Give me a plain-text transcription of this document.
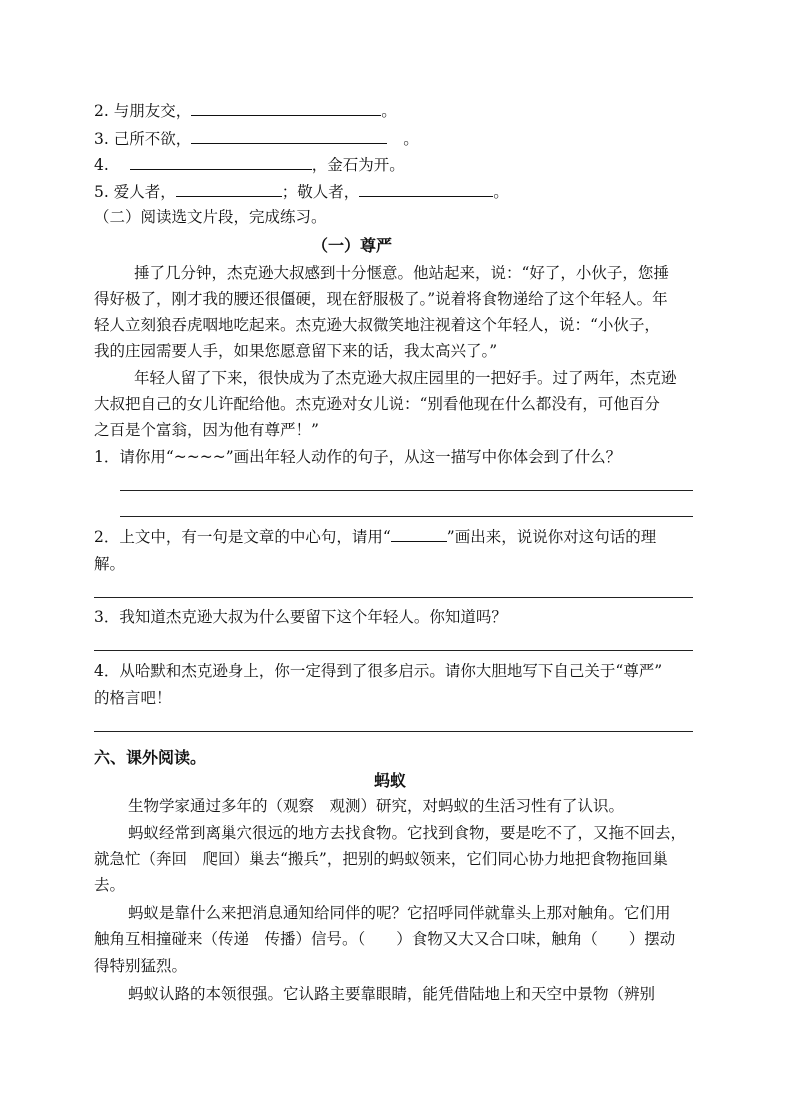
2. 与朋友交，	。
3. 己所不欲，	。
4.	，金石为开。
5. 爱人者，	；敬人者，	。
（二）阅读选文片段，完成练习。
（一）尊严
捶了几分钟，杰克逊大叔感到十分惬意。他站起来，说：“好了，小伙子，您捶
得好极了，刚才我的腰还很僵硬，现在舒服极了。”说着将食物递给了这个年轻人。年
轻人立刻狼吞虎咽地吃起来。杰克逊大叔微笑地注视着这个年轻人，说：“小伙子，
我的庄园需要人手，如果您愿意留下来的话，我太高兴了。”
年轻人留了下来，很快成为了杰克逊大叔庄园里的一把好手。过了两年，杰克逊
大叔把自己的女儿许配给他。杰克逊对女儿说：“别看他现在什么都没有，可他百分
之百是个富翁，因为他有尊严！”
1．请你用“~~~~”画出年轻人动作的句子，从这一描写中你体会到了什么？
2．上文中，有一句是文章的中心句，请用“	”画出来，说说你对这句话的理
解。
3．我知道杰克逊大叔为什么要留下这个年轻人。你知道吗？
4．从哈默和杰克逊身上，你一定得到了很多启示。请你大胆地写下自己关于“尊严”
的格言吧！
六、课外阅读。
蚂蚁
生物学家通过多年的（观察　观测）研究，对蚂蚁的生活习性有了认识。
蚂蚁经常到离巢穴很远的地方去找食物。它找到食物，要是吃不了，又拖不回去，
就急忙（奔回　爬回）巢去“搬兵”，把别的蚂蚁领来，它们同心协力地把食物拖回巢
去。
蚂蚁是靠什么来把消息通知给同伴的呢？它招呼同伴就靠头上那对触角。它们用
触角互相撞碰来（传递　传播）信号。（　　）食物又大又合口味，触角（　　）摆动
得特别猛烈。
蚂蚁认路的本领很强。它认路主要靠眼睛，能凭借陆地上和天空中景物（辨别
